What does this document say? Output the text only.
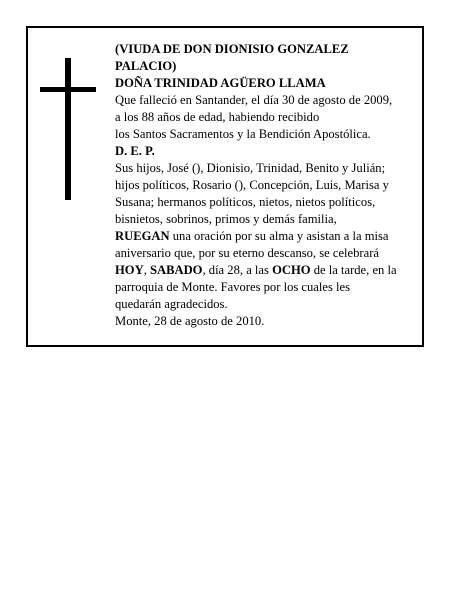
(VIUDA DE DON DIONISIO GONZALEZ
PALACIO)
DOÑA TRINIDAD AGÜERO LLAMA
Que falleció en Santander, el día 30 de agosto de 2009,
a los 88 años de edad, habiendo recibido
los Santos Sacramentos y la Bendición Apostólica.
D. E. P.
Sus hijos, José (), Dionisio, Trinidad, Benito y Julián;
hijos políticos, Rosario (), Concepción, Luis, Marisa y
Susana; hermanos políticos, nietos, nietos políticos,
bisnietos, sobrinos, primos y demás familia,
RUEGAN una oración por su alma y asistan a la misa
aniversario que, por su eterno descanso, se celebrará
HOY, SABADO, día 28, a las OCHO de la tarde, en la
parroquia de Monte. Favores por los cuales les
quedarán agradecidos.
Monte, 28 de agosto de 2010.
